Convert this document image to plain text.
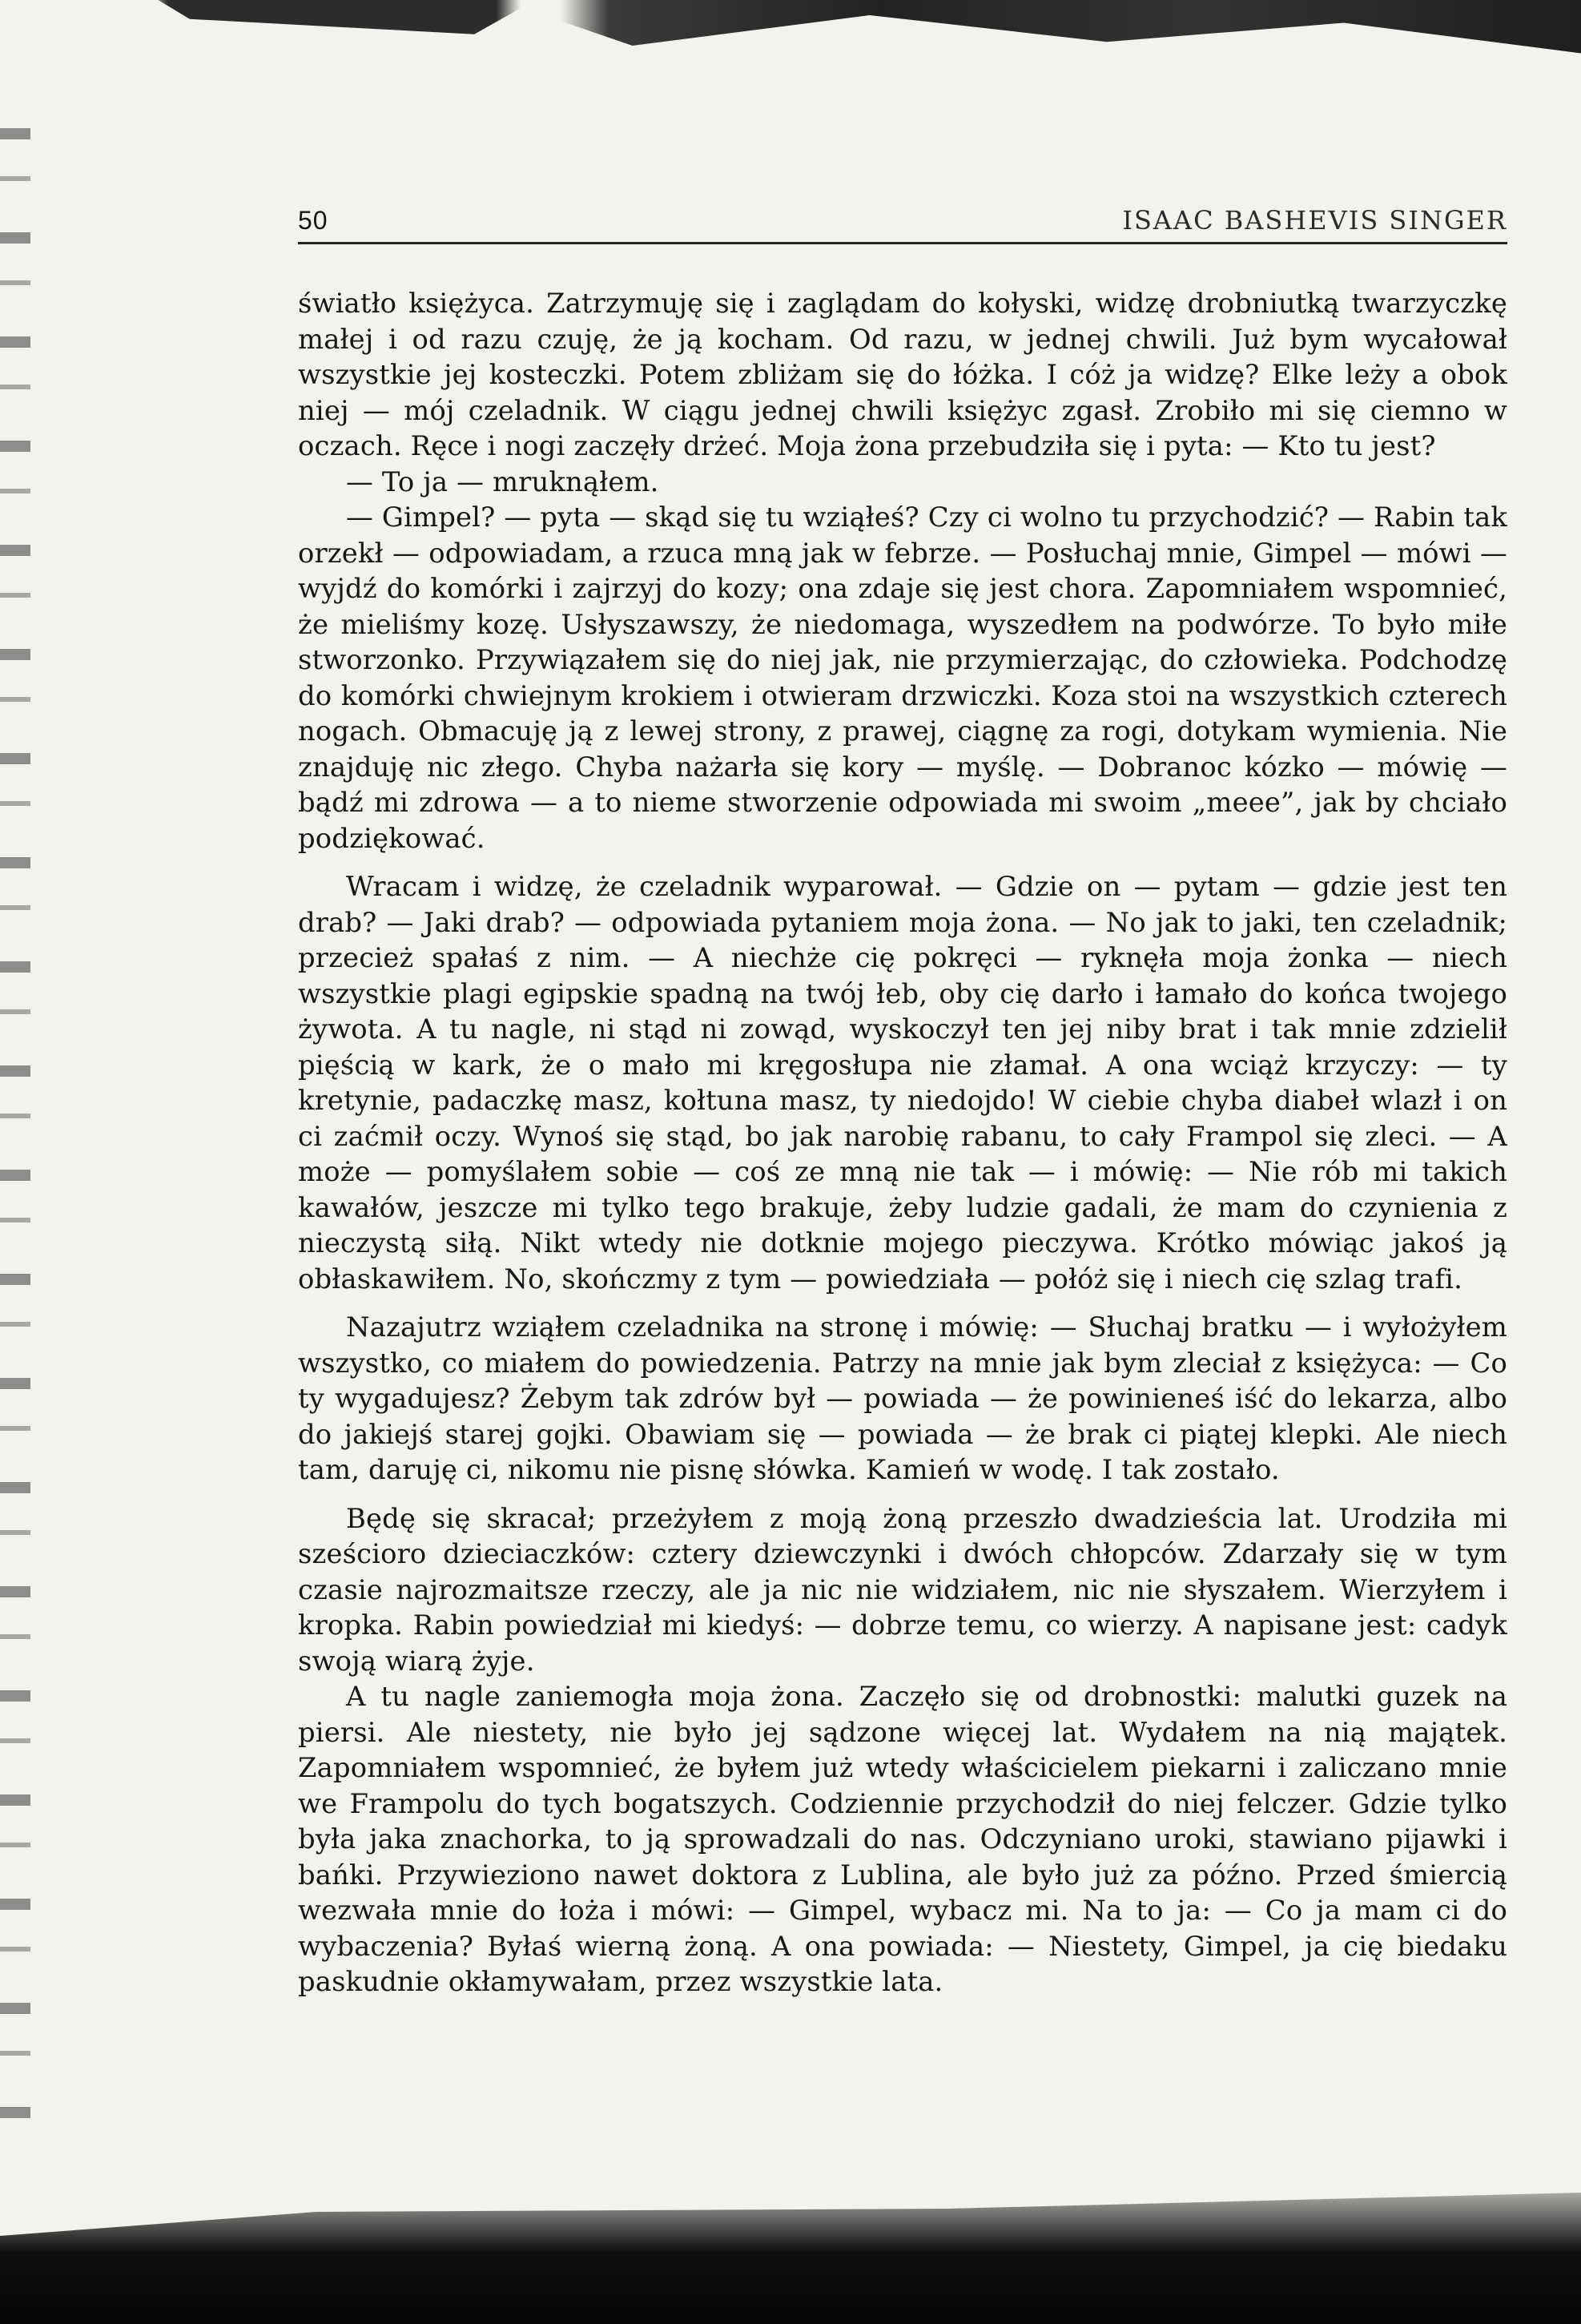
50	ISAAC BASHEVIS SINGER

światło księżyca. Zatrzymuję się i zaglądam do kołyski, widzę drobniutką twarzyczkę małej i od razu czuję, że ją kocham. Od razu, w jednej chwili. Już bym wycałował wszystkie jej kosteczki. Potem zbliżam się do łóżka. I cóż ja widzę? Elke leży a obok niej — mój czeladnik. W ciągu jednej chwili księżyc zgasł. Zrobiło mi się ciemno w oczach. Ręce i nogi zaczęły drżeć. Moja żona przebudziła się i pyta: — Kto tu jest?

— To ja — mruknąłem.

— Gimpel? — pyta — skąd się tu wziąłeś? Czy ci wolno tu przychodzić? — Rabin tak orzekł — odpowiadam, a rzuca mną jak w febrze. — Posłuchaj mnie, Gimpel — mówi — wyjdź do komórki i zajrzyj do kozy; ona zdaje się jest chora. Zapomniałem wspomnieć, że mieliśmy kozę. Usłyszawszy, że niedomaga, wyszedłem na podwórze. To było miłe stworzonko. Przywiązałem się do niej jak, nie przymierzając, do człowieka. Podchodzę do komórki chwiejnym krokiem i otwieram drzwiczki. Koza stoi na wszystkich czterech nogach. Obmacuję ją z lewej strony, z prawej, ciągnę za rogi, dotykam wymienia. Nie znajduję nic złego. Chyba nażarła się kory — myślę. — Dobranoc kózko — mówię — bądź mi zdrowa — a to nieme stworzenie odpowiada mi swoim „meee”, jak by chciało podziękować.

Wracam i widzę, że czeladnik wyparował. — Gdzie on — pytam — gdzie jest ten drab? — Jaki drab? — odpowiada pytaniem moja żona. — No jak to jaki, ten czeladnik; przecież spałaś z nim. — A niechże cię pokręci — ryknęła moja żonka — niech wszystkie plagi egipskie spadną na twój łeb, oby cię darło i łamało do końca twojego żywota. A tu nagle, ni stąd ni zowąd, wyskoczył ten jej niby brat i tak mnie zdzielił pięścią w kark, że o mało mi kręgosłupa nie złamał. A ona wciąż krzyczy: — ty kretynie, padaczkę masz, kołtuna masz, ty niedojdo! W ciebie chyba diabeł wlazł i on ci zaćmił oczy. Wynoś się stąd, bo jak narobię rabanu, to cały Frampol się zleci. — A może — pomyślałem sobie — coś ze mną nie tak — i mówię: — Nie rób mi takich kawałów, jeszcze mi tylko tego brakuje, żeby ludzie gadali, że mam do czynienia z nieczystą siłą. Nikt wtedy nie dotknie mojego pieczywa. Krótko mówiąc jakoś ją obłaskawiłem. No, skończmy z tym — powiedziała — połóż się i niech cię szlag trafi.

Nazajutrz wziąłem czeladnika na stronę i mówię: — Słuchaj bratku — i wyłożyłem wszystko, co miałem do powiedzenia. Patrzy na mnie jak bym zleciał z księżyca: — Co ty wygadujesz? Żebym tak zdrów był — powiada — że powinieneś iść do lekarza, albo do jakiejś starej gojki. Obawiam się — powiada — że brak ci piątej klepki. Ale niech tam, daruję ci, nikomu nie pisnę słówka. Kamień w wodę. I tak zostało.

Będę się skracał; przeżyłem z moją żoną przeszło dwadzieścia lat. Urodziła mi sześcioro dzieciaczków: cztery dziewczynki i dwóch chłopców. Zdarzały się w tym czasie najrozmaitsze rzeczy, ale ja nic nie widziałem, nic nie słyszałem. Wierzyłem i kropka. Rabin powiedział mi kiedyś: — dobrze temu, co wierzy. A napisane jest: cadyk swoją wiarą żyje.

A tu nagle zaniemogła moja żona. Zaczęło się od drobnostki: malutki guzek na piersi. Ale niestety, nie było jej sądzone więcej lat. Wydałem na nią majątek. Zapomniałem wspomnieć, że byłem już wtedy właścicielem piekarni i zaliczano mnie we Frampolu do tych bogatszych. Codziennie przychodził do niej felczer. Gdzie tylko była jaka znachorka, to ją sprowadzali do nas. Odczyniano uroki, stawiano pijawki i bańki. Przywieziono nawet doktora z Lublina, ale było już za późno. Przed śmiercią wezwała mnie do łoża i mówi: — Gimpel, wybacz mi. Na to ja: — Co ja mam ci do wybaczenia? Byłaś wierną żoną. A ona powiada: — Niestety, Gimpel, ja cię biedaku paskudnie okłamywałam, przez wszystkie lata.
